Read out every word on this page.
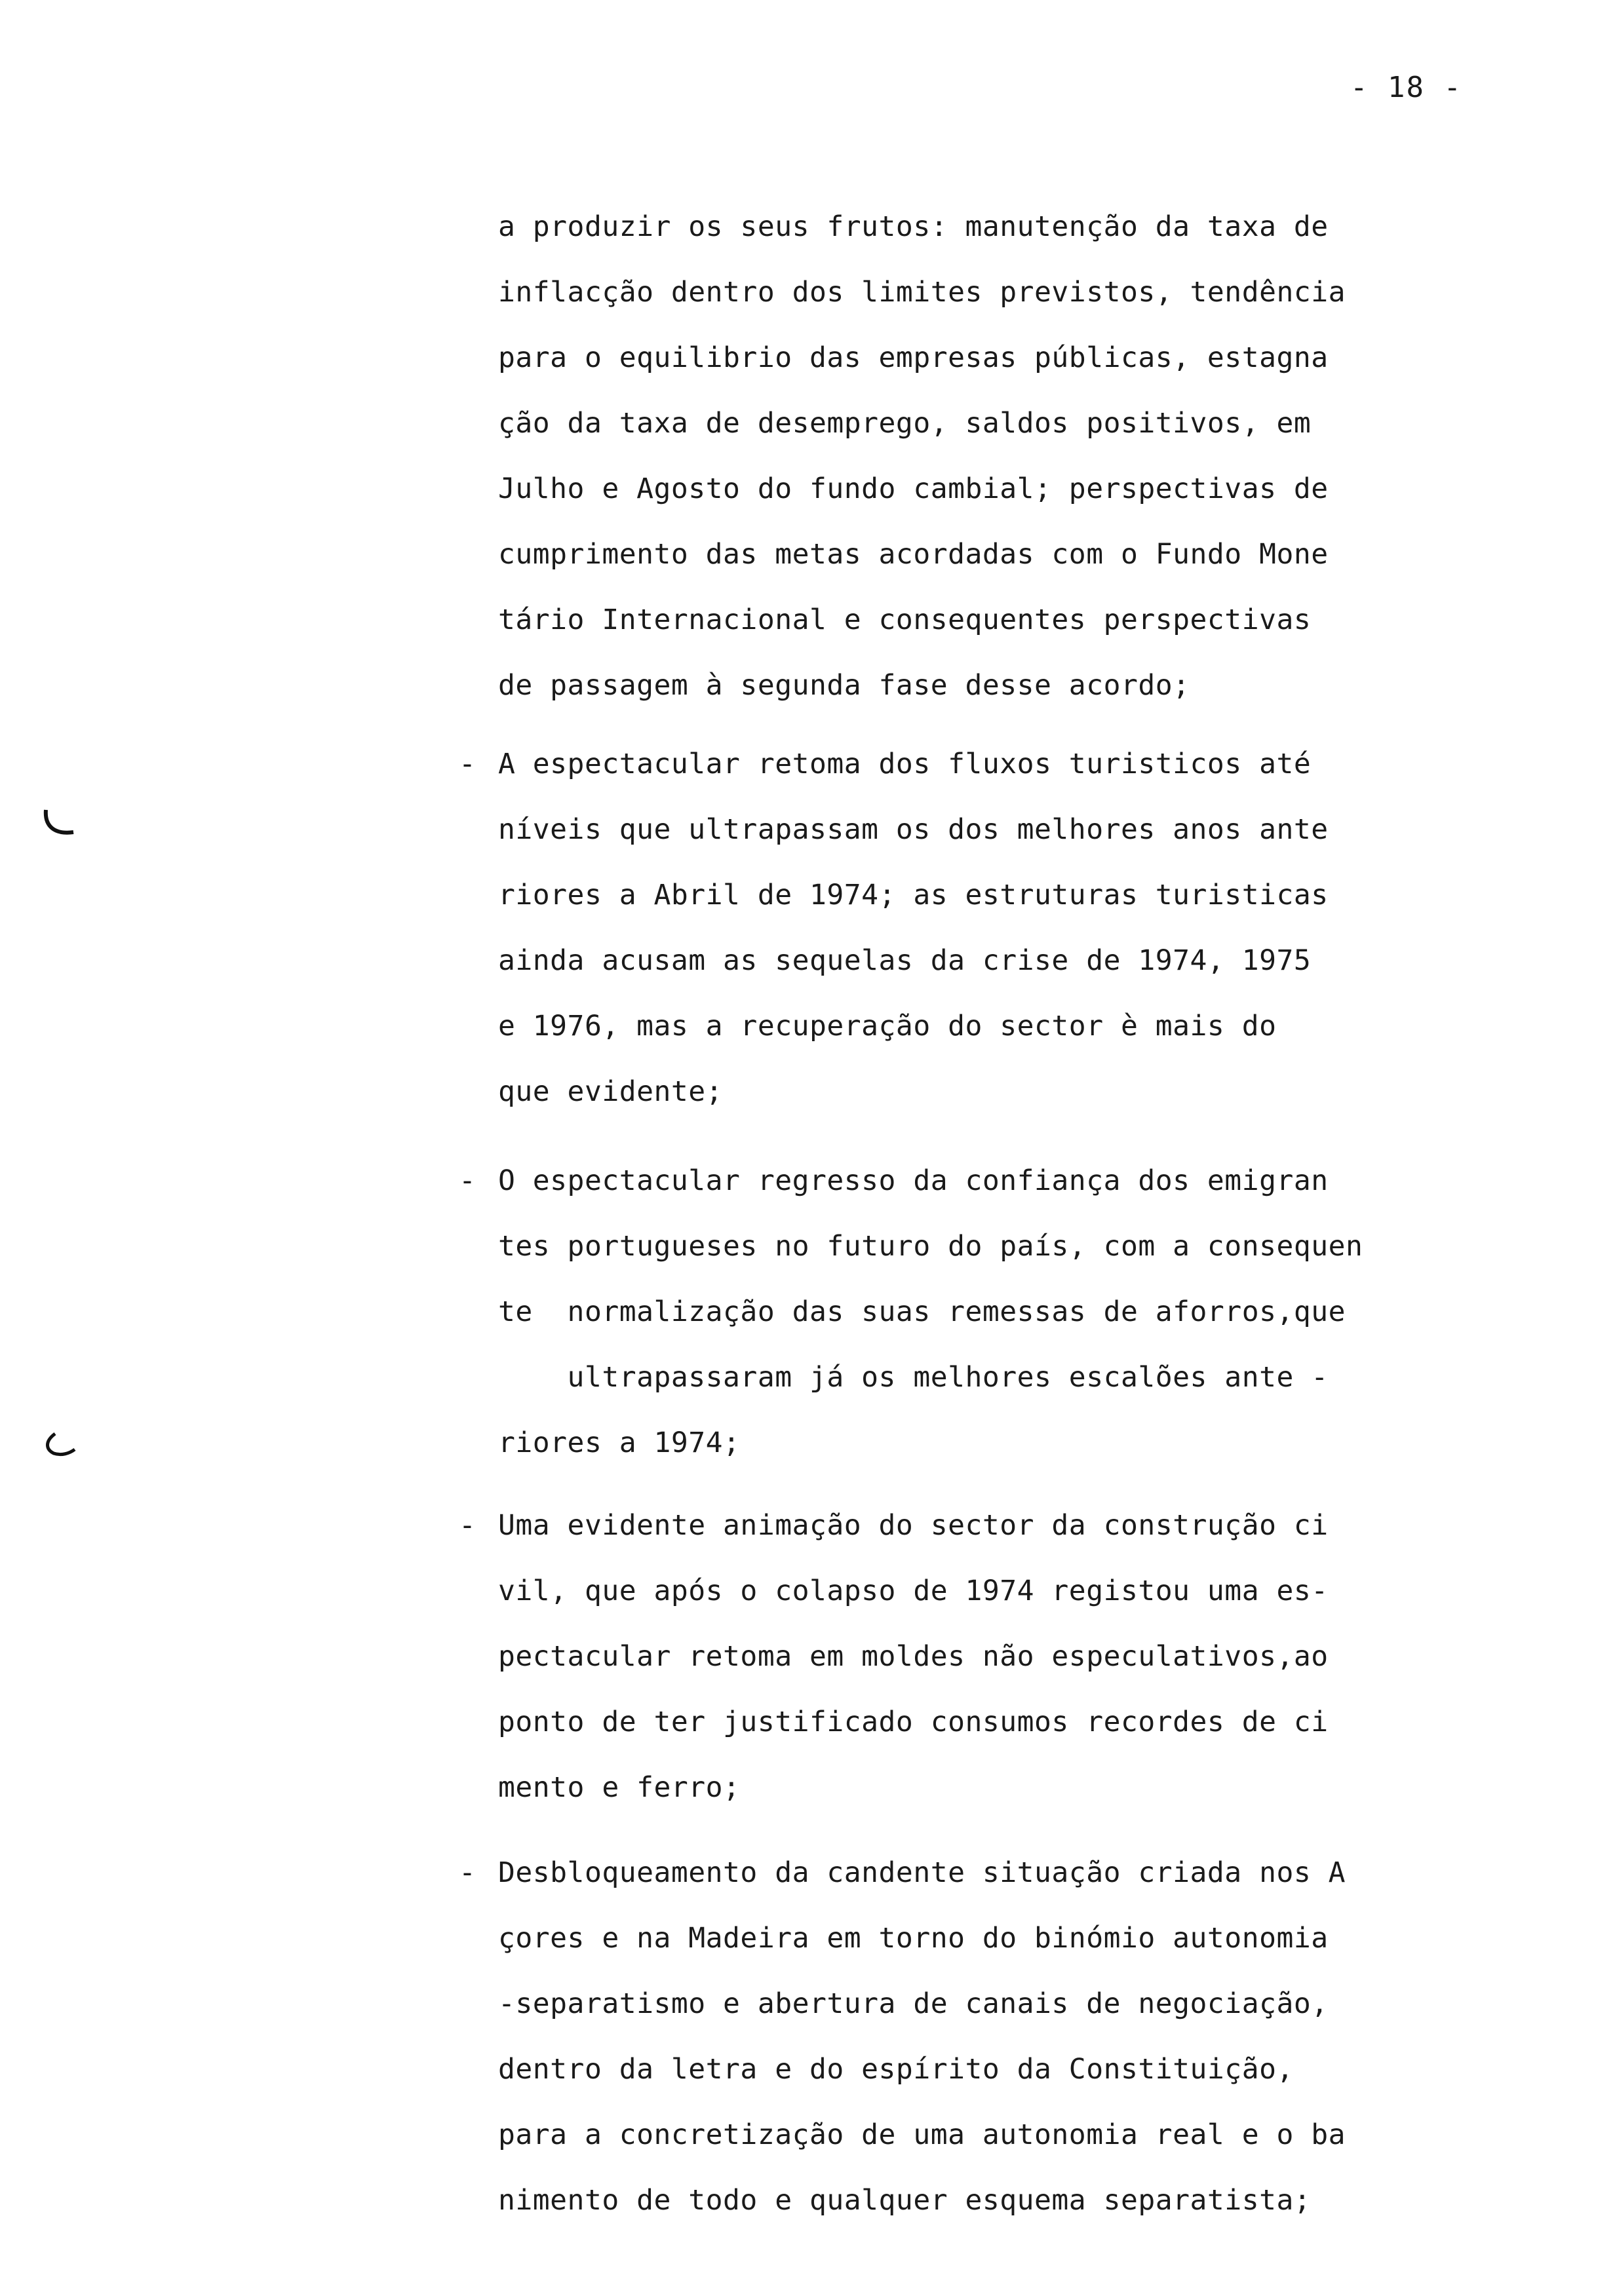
- 18 -
a produzir os seus frutos: manutenção da taxa de
inflacção dentro dos limites previstos, tendência
para o equilibrio das empresas públicas, estagna
ção da taxa de desemprego, saldos positivos, em
Julho e Agosto do fundo cambial; perspectivas de
cumprimento das metas acordadas com o Fundo Mone
tário Internacional e consequentes perspectivas
de passagem à segunda fase desse acordo;
- A espectacular retoma dos fluxos turisticos até
níveis que ultrapassam os dos melhores anos ante
riores a Abril de 1974; as estruturas turisticas
ainda acusam as sequelas da crise de 1974, 1975
e 1976, mas a recuperação do sector è mais do
que evidente;
- O espectacular regresso da confiança dos emigran
tes portugueses no futuro do país, com a consequen
te  normalização das suas remessas de aforros,que
ultrapassaram já os melhores escalões ante -
riores a 1974;
- Uma evidente animação do sector da construção ci
vil, que após o colapso de 1974 registou uma es-
pectacular retoma em moldes não especulativos,ao
ponto de ter justificado consumos recordes de ci
mento e ferro;
- Desbloqueamento da candente situação criada nos A
çores e na Madeira em torno do binómio autonomia
-separatismo e abertura de canais de negociação,
dentro da letra e do espírito da Constituição,
para a concretização de uma autonomia real e o ba
nimento de todo e qualquer esquema separatista;
